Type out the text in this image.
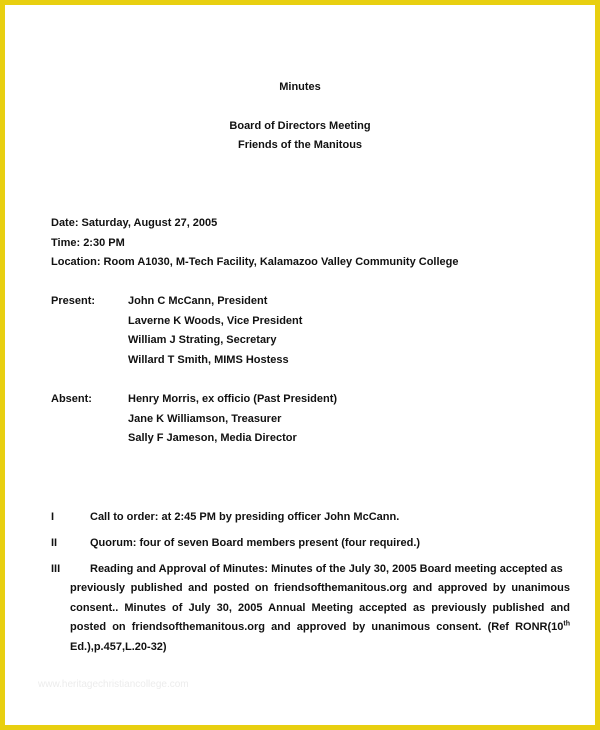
Minutes
Board of Directors Meeting
Friends of the Manitous
Date: Saturday, August 27, 2005
Time: 2:30 PM
Location: Room A1030, M-Tech Facility, Kalamazoo Valley Community College
Present:	John C McCann, President
Laverne K Woods, Vice President
William J Strating, Secretary
Willard T Smith, MIMS Hostess
Absent:	Henry Morris, ex officio (Past President)
Jane K Williamson, Treasurer
Sally F Jameson, Media Director
I	Call to order: at 2:45 PM by presiding officer John McCann.
II	Quorum: four of seven Board members present (four required.)
III	Reading and Approval of Minutes: Minutes of the July 30, 2005 Board meeting accepted as
previously published and posted on friendsofthemanitous.org and approved by unanimous consent.. Minutes of July 30, 2005 Annual Meeting accepted as previously published and posted on friendsofthemanitous.org and approved by unanimous consent. (Ref RONR(10th Ed.),p.457,L.20-32)
www.heritagechristiancollege.com
